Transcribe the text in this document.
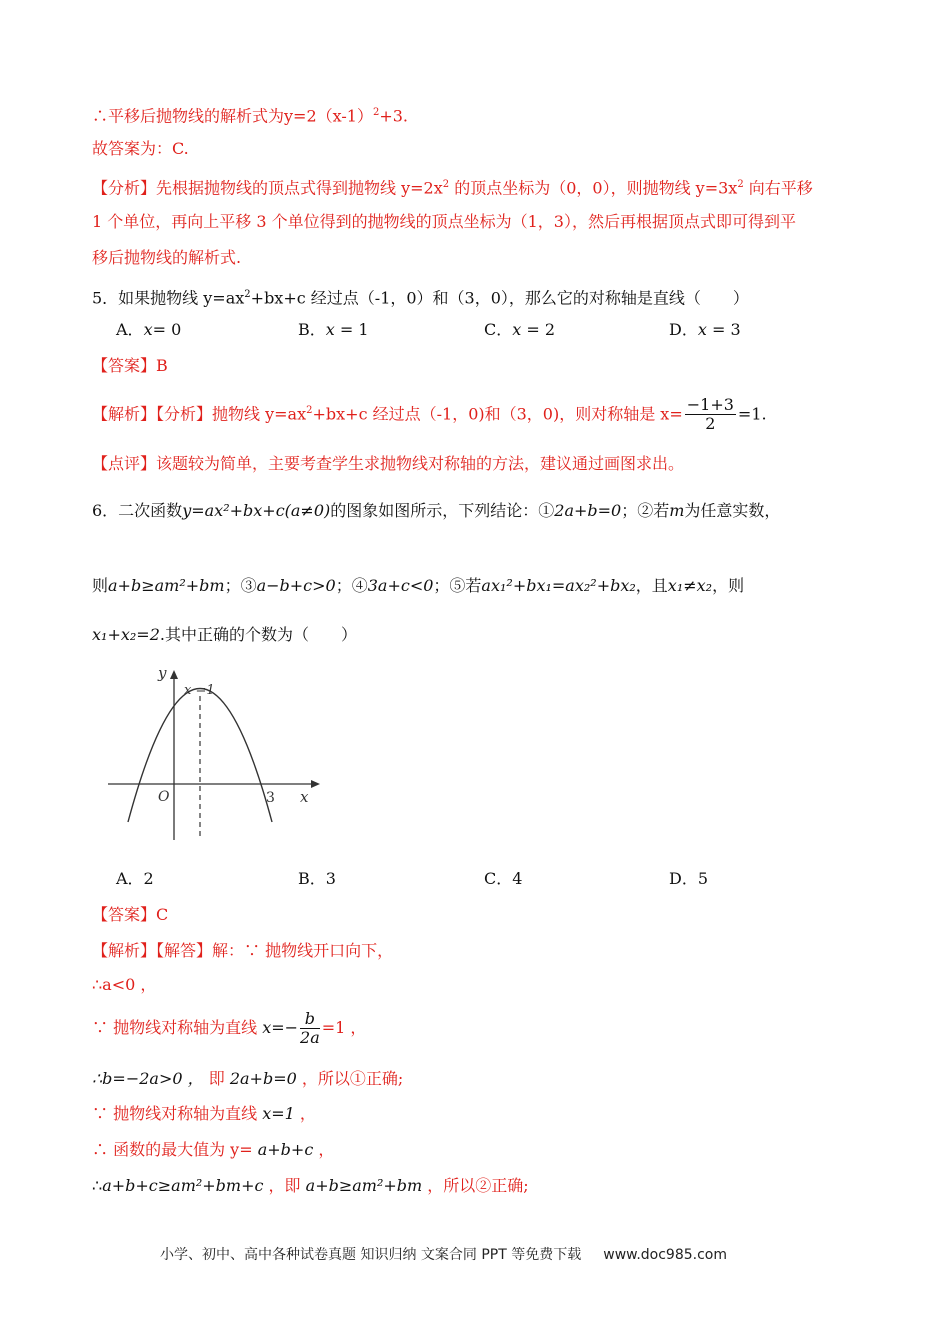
∴平移后抛物线的解析式为$y=2(x-1)^2+3$.
故答案为：C.
【分析】先根据抛物线的顶点式得到抛物线 $y=2x^2$ 的顶点坐标为（0，0），则抛物线 $y=3x^2$ 向右平移
1 个单位，再向上平移 3 个单位得到的抛物线的顶点坐标为（1，3），然后再根据顶点式即可得到平
移后抛物线的解析式.
5．如果抛物线 $y=ax^2+bx+c$ 经过点（-1，0）和（3，0），那么它的对称轴是直线（　　）
A．x= 0	B．x = 1	C．x = 2	D．x = 3
【答案】B
【解析】【分析】抛物线 $y=ax^2+bx+c$ 经过点（-1，0)和（3，0)，则对称轴是 $x= \frac{-1+3}{2} =1$.
【点评】该题较为简单，主要考查学生求抛物线对称轴的方法，建议通过画图求出。
6．二次函数y=ax²+bx+c(a≠0)的图象如图所示，下列结论：①2a+b=0；②若m为任意实数，
则a+b≥am²+bm；③a−b+c>0；④3a+c<0；⑤若ax₁²+bx₁=ax₂²+bx₂，且x₁≠x₂，则
x₁+x₂=2.其中正确的个数为（　　）
y
x
O	3
x =1
A．2	B．3	C．4	D．5
【答案】C
【解析】【解答】解：∵ 抛物线开口向下，
∴a<0 ，
∵ 抛物线对称轴为直线 $x=- \frac{b}{2a} =1$ ，
∴b=−2a>0 ， 即 2a+b=0 ，所以①正确;
∵ 抛物线对称轴为直线 x=1 ，
∴ 函数的最大值为 y= a+b+c ，
∴a+b+c≥am²+bm+c ，即 a+b≥am²+bm ，所以②正确;
小学、初中、高中各种试卷真题 知识归纳 文案合同 PPT 等免费下载 www.doc985.com
